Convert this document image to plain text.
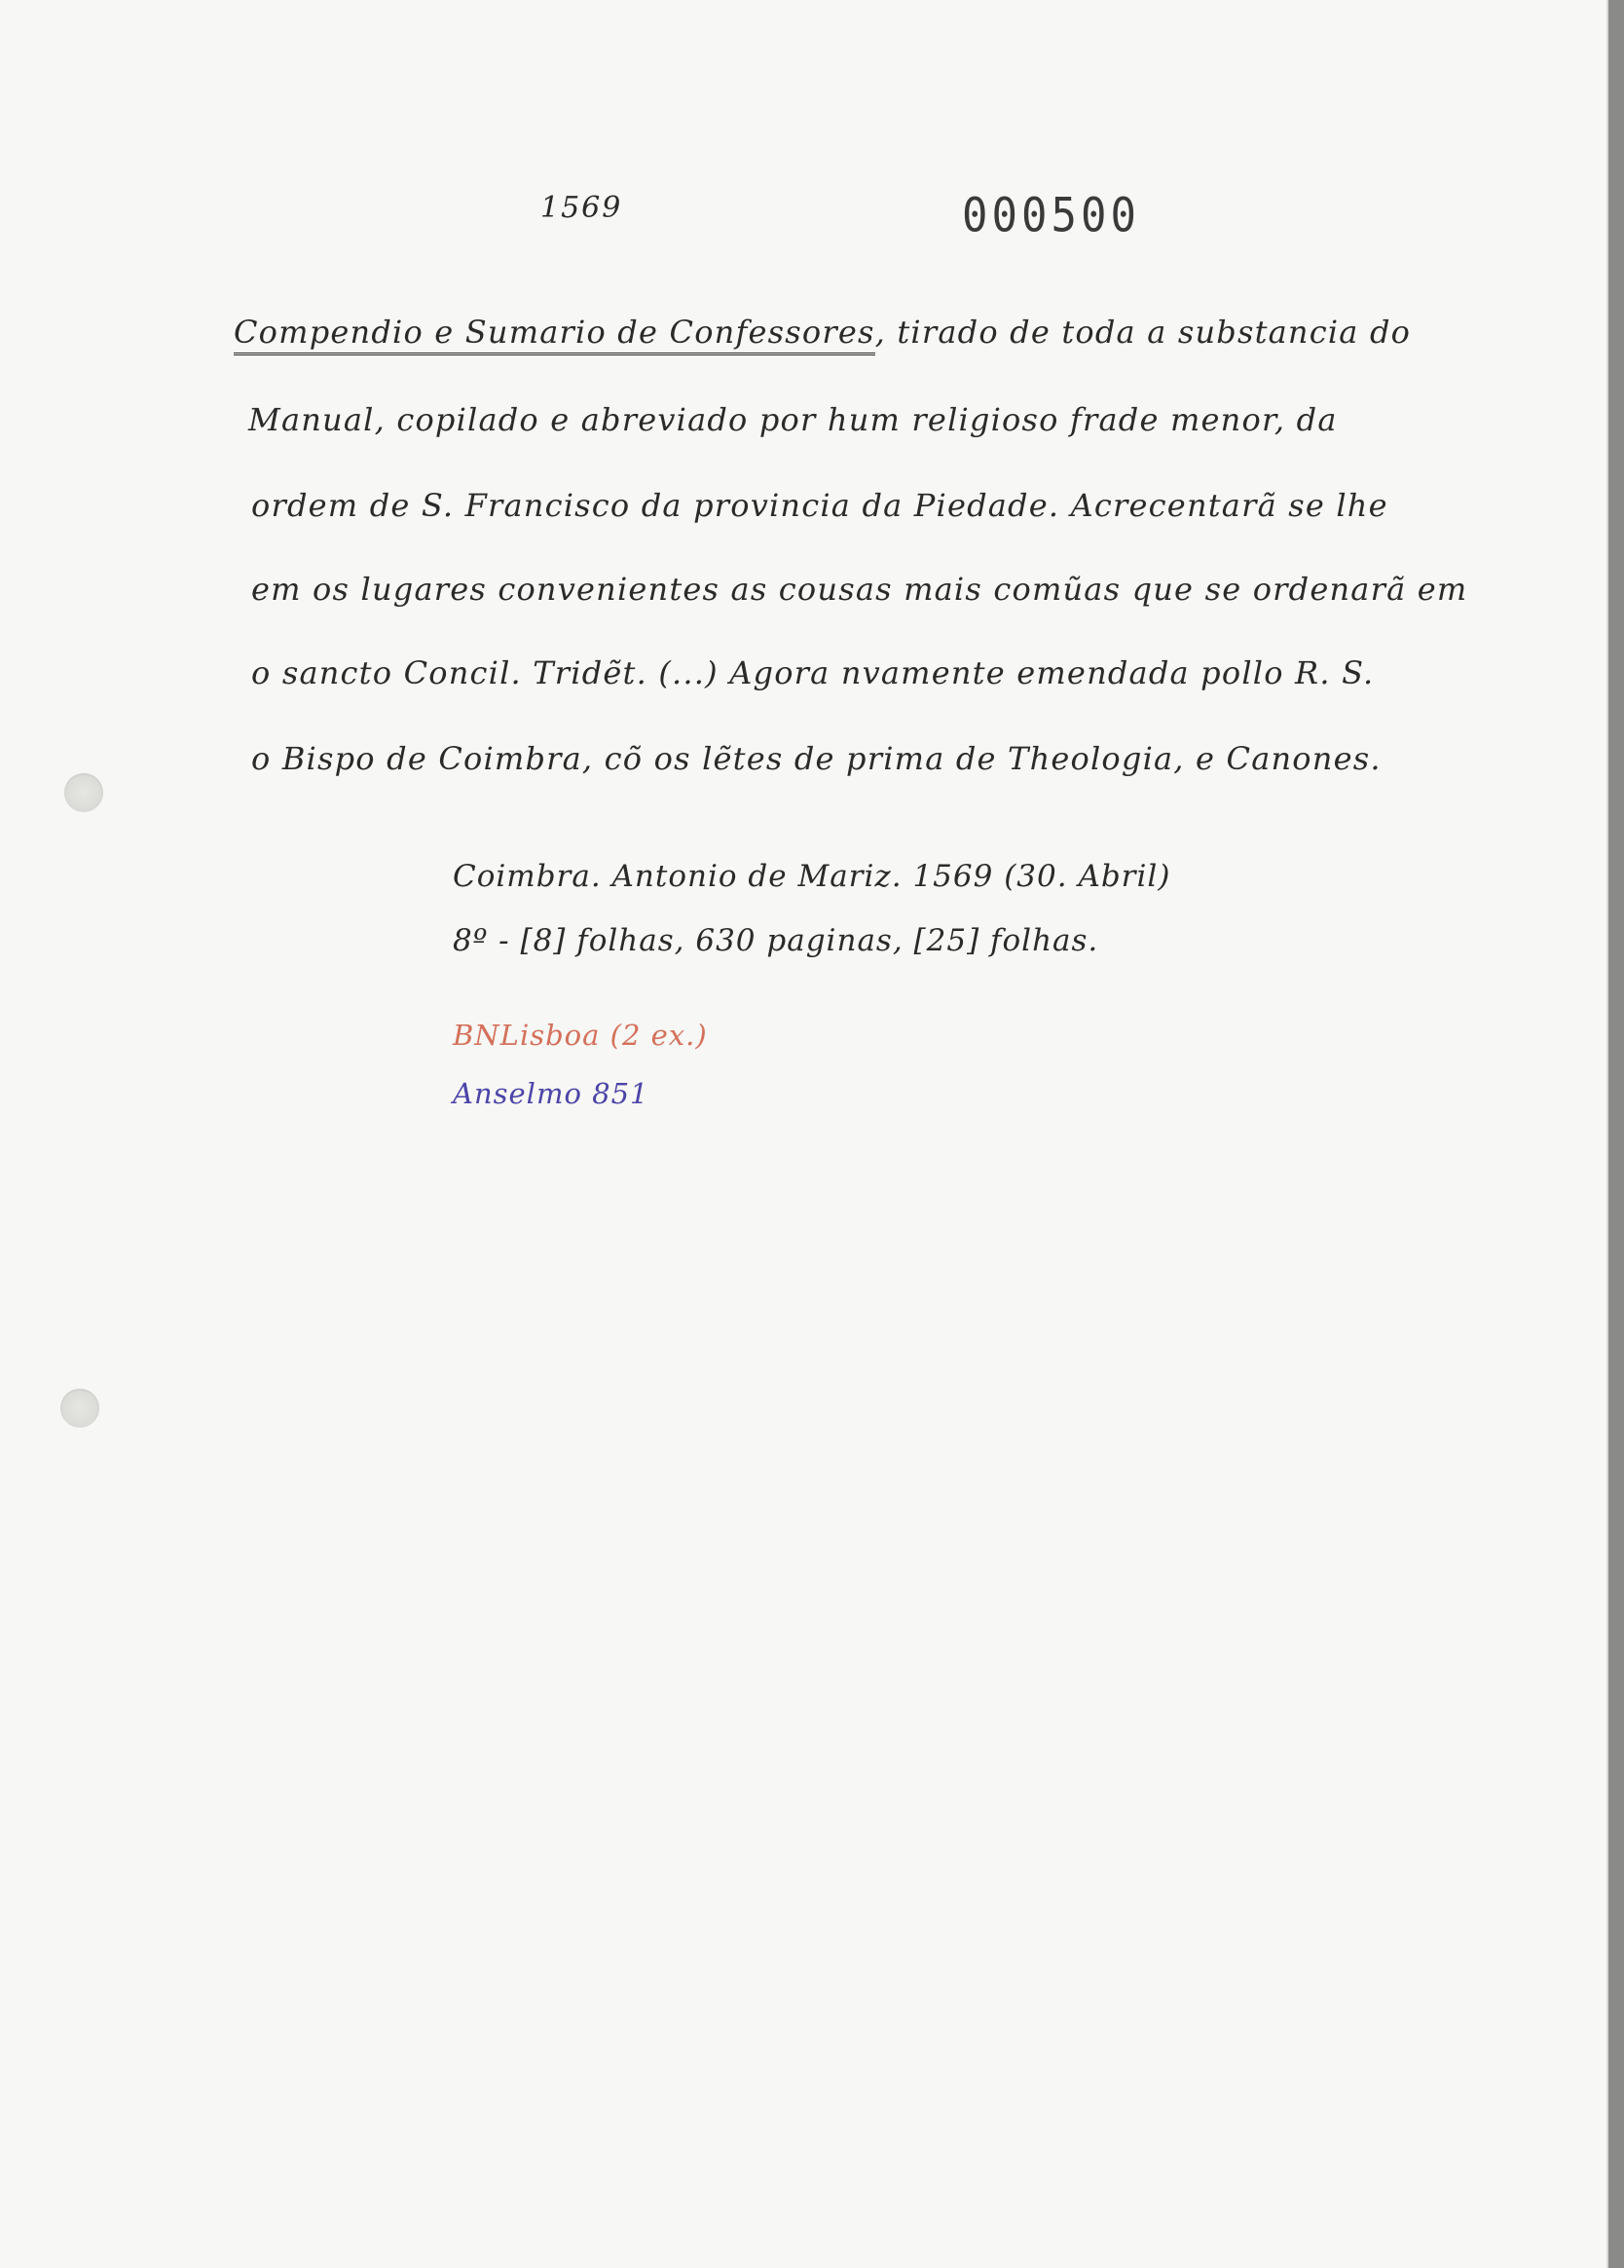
1569	000500
Compendio e Sumario de Confessores, tirado de toda a substancia do
Manual, copilado e abreviado por hum religioso frade menor, da
ordem de S. Francisco da provincia da Piedade. Acrecentarã se lhe
em os lugares convenientes as cousas mais comũas que se ordenarã em
o sancto Concil. Tridẽt. (...) Agora nvamente emendada pollo R. S.
o Bispo de Coimbra, cõ os lẽtes de prima de Theologia, e Canones.
Coimbra. Antonio de Mariz. 1569 (30. Abril)
8º - [8] folhas, 630 paginas, [25] folhas.
BNLisboa (2 ex.)
Anselmo 851
